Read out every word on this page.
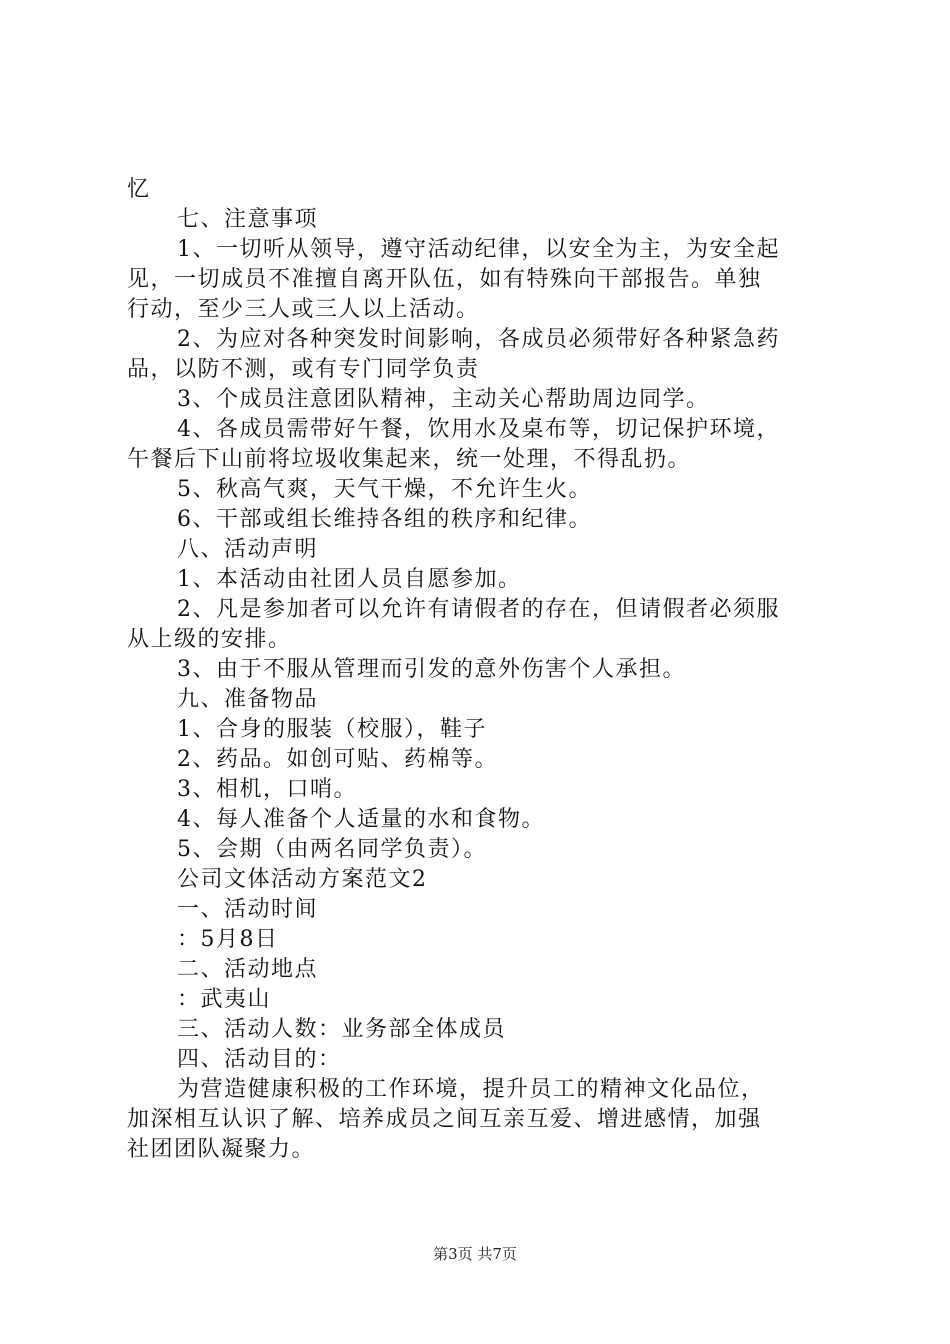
忆
七、注意事项
1、一切听从领导，遵守活动纪律，以安全为主，为安全起
见，一切成员不准擅自离开队伍，如有特殊向干部报告。单独
行动，至少三人或三人以上活动。
2、为应对各种突发时间影响，各成员必须带好各种紧急药
品，以防不测，或有专门同学负责
3、个成员注意团队精神，主动关心帮助周边同学。
4、各成员需带好午餐，饮用水及桌布等，切记保护环境，
午餐后下山前将垃圾收集起来，统一处理，不得乱扔。
5、秋高气爽，天气干燥，不允许生火。
6、干部或组长维持各组的秩序和纪律。
八、活动声明
1、本活动由社团人员自愿参加。
2、凡是参加者可以允许有请假者的存在，但请假者必须服
从上级的安排。
3、由于不服从管理而引发的意外伤害个人承担。
九、准备物品
1、合身的服装（校服），鞋子
2、药品。如创可贴、药棉等。
3、相机，口哨。
4、每人准备个人适量的水和食物。
5、会期（由两名同学负责）。
公司文体活动方案范文2
一、活动时间
：5月8日
二、活动地点
：武夷山
三、活动人数：业务部全体成员
四、活动目的：
为营造健康积极的工作环境，提升员工的精神文化品位，
加深相互认识了解、培养成员之间互亲互爱、增进感情，加强
社团团队凝聚力。
第3页 共7页
